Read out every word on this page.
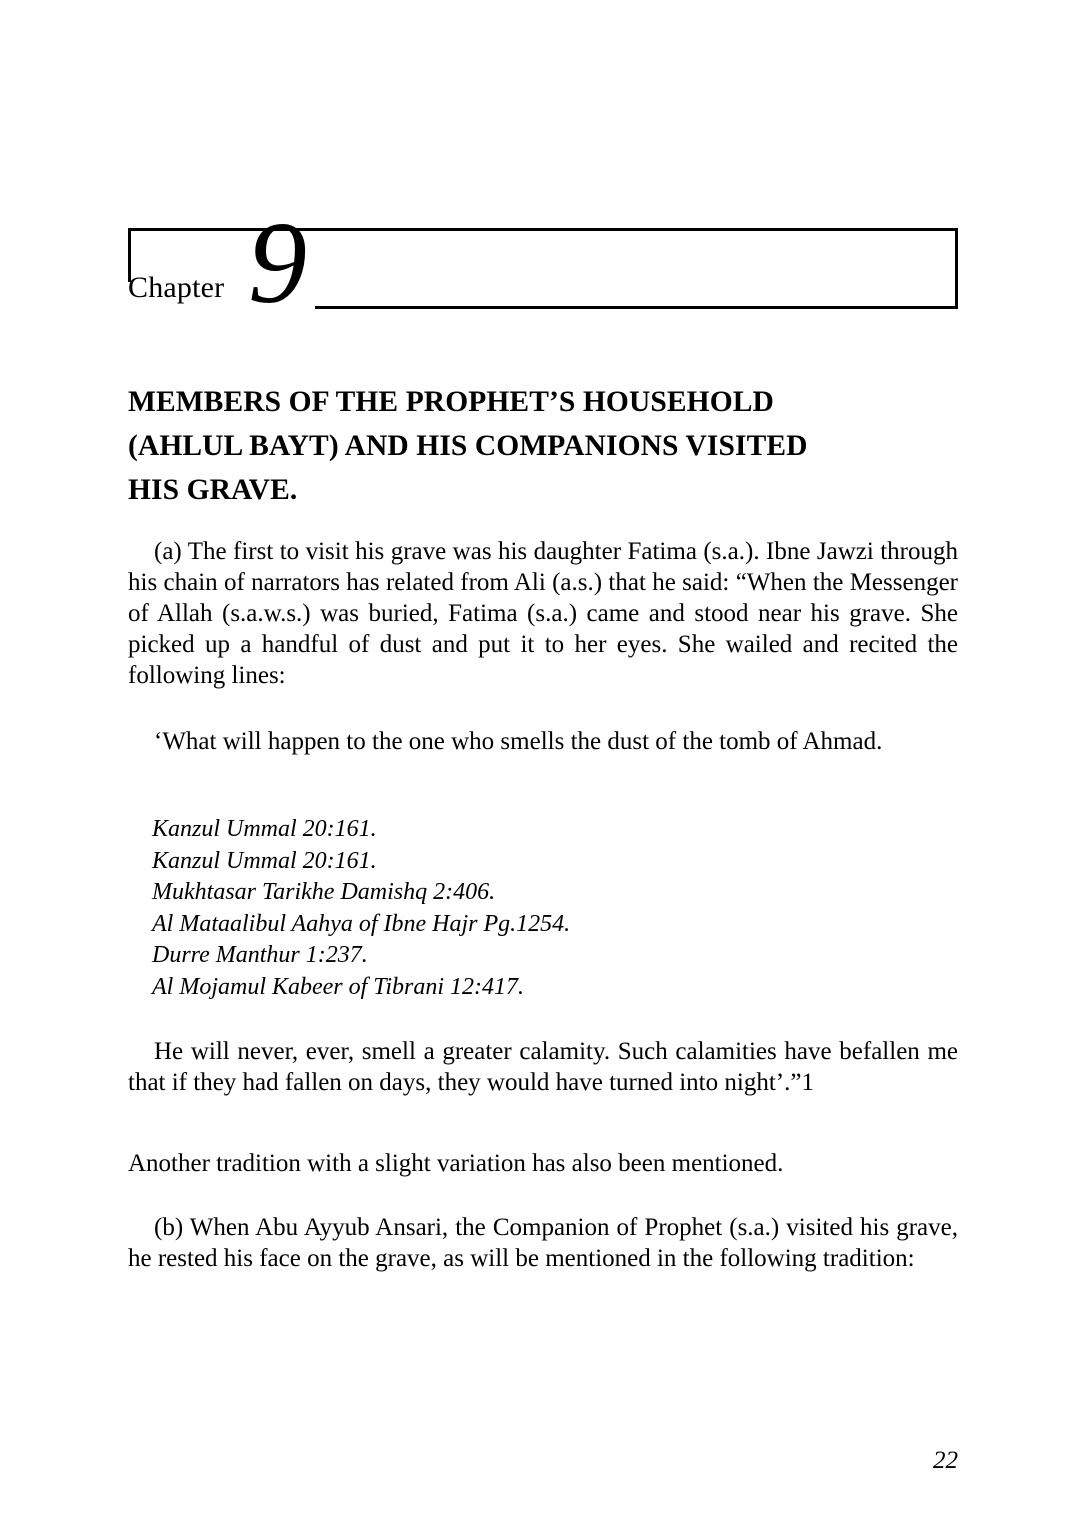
Chapter 9
MEMBERS OF THE PROPHET’S HOUSEHOLD
(AHLUL BAYT) AND HIS COMPANIONS VISITED
HIS GRAVE.

(a) The first to visit his grave was his daughter Fatima (s.a.). Ibne Jawzi through his chain of narrators has related from Ali (a.s.) that he said: “When the Messenger of Allah (s.a.w.s.) was buried, Fatima (s.a.) came and stood near his grave. She picked up a handful of dust and put it to her eyes. She wailed and recited the following lines:

‘What will happen to the one who smells the dust of the tomb of Ahmad.

Kanzul Ummal 20:161.
Kanzul Ummal 20:161.
Mukhtasar Tarikhe Damishq 2:406.
Al Mataalibul Aahya of Ibne Hajr Pg.1254.
Durre Manthur 1:237.
Al Mojamul Kabeer of Tibrani 12:417.

He will never, ever, smell a greater calamity. Such calamities have befallen me that if they had fallen on days, they would have turned into night’.”1

Another tradition with a slight variation has also been mentioned.

(b) When Abu Ayyub Ansari, the Companion of Prophet (s.a.) visited his grave, he rested his face on the grave, as will be mentioned in the following tradition:

22
